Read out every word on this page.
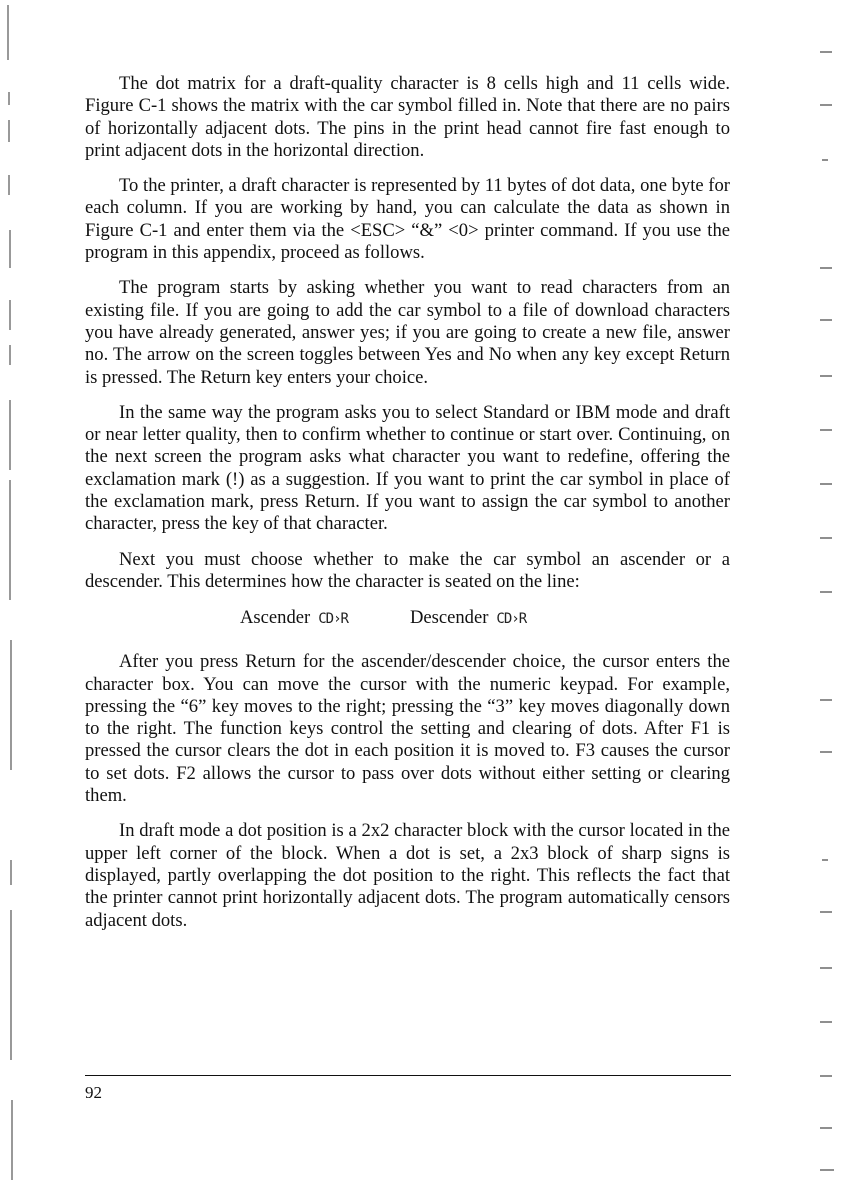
The dot matrix for a draft-quality character is 8 cells high and 11 cells wide. Figure C-1 shows the matrix with the car symbol filled in. Note that there are no pairs of horizontally adjacent dots. The pins in the print head cannot fire fast enough to print adjacent dots in the horizontal direction.

To the printer, a draft character is represented by 11 bytes of dot data, one byte for each column. If you are working by hand, you can calculate the data as shown in Figure C-1 and enter them via the <ESC> “&” <0> printer command. If you use the program in this appendix, proceed as follows.

The program starts by asking whether you want to read characters from an existing file. If you are going to add the car symbol to a file of download characters you have already generated, answer yes; if you are going to create a new file, answer no. The arrow on the screen toggles between Yes and No when any key except Return is pressed. The Return key enters your choice.

In the same way the program asks you to select Standard or IBM mode and draft or near letter quality, then to confirm whether to continue or start over. Continuing, on the next screen the program asks what character you want to redefine, offering the exclamation mark (!) as a suggestion. If you want to print the car symbol in place of the exclamation mark, press Return. If you want to assign the car symbol to another character, press the key of that character.

Next you must choose whether to make the car symbol an ascender or a descender. This determines how the character is seated on the line:

Ascender CD›R	Descender CD›R

After you press Return for the ascender/descender choice, the cursor enters the character box. You can move the cursor with the numeric keypad. For example, pressing the “6” key moves to the right; pressing the “3” key moves diagonally down to the right. The function keys control the setting and clearing of dots. After F1 is pressed the cursor clears the dot in each position it is moved to. F3 causes the cursor to set dots. F2 allows the cursor to pass over dots without either setting or clearing them.

In draft mode a dot position is a 2x2 character block with the cursor located in the upper left corner of the block. When a dot is set, a 2x3 block of sharp signs is displayed, partly overlapping the dot position to the right. This reflects the fact that the printer cannot print horizontally adjacent dots. The program automatically censors adjacent dots.

92
